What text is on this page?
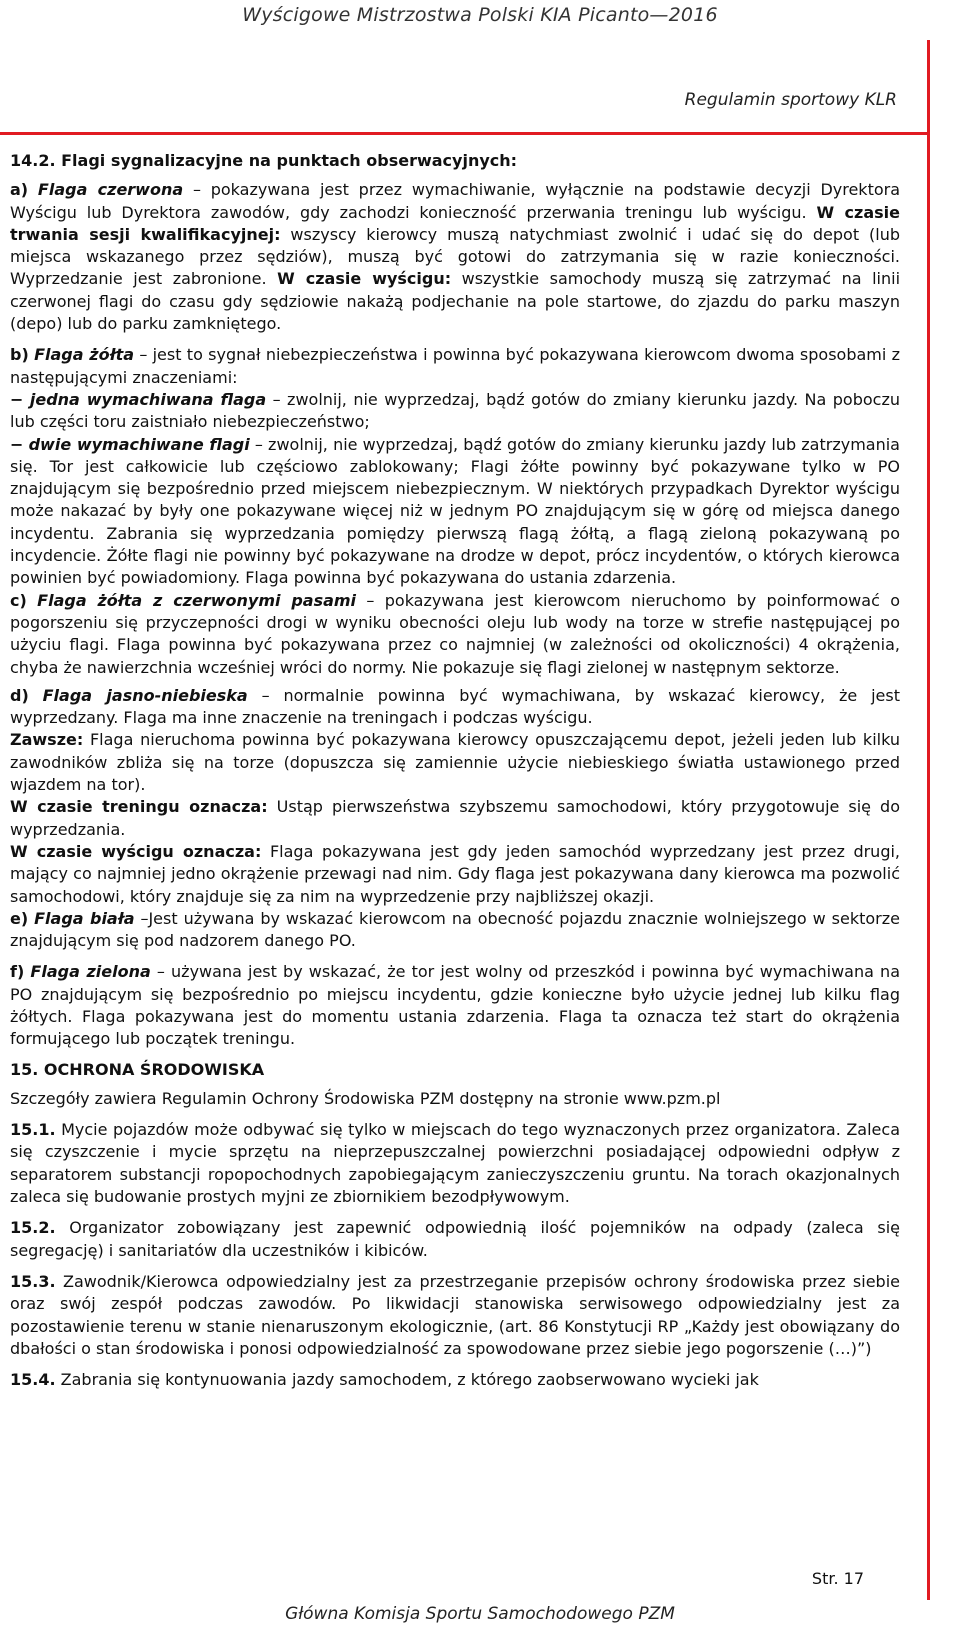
Wyścigowe Mistrzostwa Polski KIA Picanto—2016
Regulamin sportowy KLR
14.2. Flagi sygnalizacyjne na punktach obserwacyjnych:

a) Flaga czerwona – pokazywana jest przez wymachiwanie, wyłącznie na podstawie decyzji Dyrektora Wyścigu lub Dyrektora zawodów, gdy zachodzi konieczność przerwania treningu lub wyścigu. W czasie trwania sesji kwalifikacyjnej: wszyscy kierowcy muszą natychmiast zwolnić i udać się do depot (lub miejsca wskazanego przez sędziów), muszą być gotowi do zatrzymania się w razie konieczności. Wyprzedzanie jest zabronione. W czasie wyścigu: wszystkie samochody muszą się zatrzymać na linii czerwonej flagi do czasu gdy sędziowie nakażą podjechanie na pole startowe, do zjazdu do parku maszyn (depo) lub do parku zamkniętego.

b) Flaga żółta – jest to sygnał niebezpieczeństwa i powinna być pokazywana kierowcom dwoma sposobami z następującymi znaczeniami:

− jedna wymachiwana flaga – zwolnij, nie wyprzedzaj, bądź gotów do zmiany kierunku jazdy. Na poboczu lub części toru zaistniało niebezpieczeństwo;

− dwie wymachiwane flagi – zwolnij, nie wyprzedzaj, bądź gotów do zmiany kierunku jazdy lub zatrzymania się. Tor jest całkowicie lub częściowo zablokowany; Flagi żółte powinny być pokazywane tylko w PO znajdującym się bezpośrednio przed miejscem niebezpiecznym. W niektórych przypadkach Dyrektor wyścigu może nakazać by były one pokazywane więcej niż w jednym PO znajdującym się w górę od miejsca danego incydentu. Zabrania się wyprzedzania pomiędzy pierwszą flagą żółtą, a flagą zieloną pokazywaną po incydencie. Żółte flagi nie powinny być pokazywane na drodze w depot, prócz incydentów, o których kierowca powinien być powiadomiony. Flaga powinna być pokazywana do ustania zdarzenia.

c) Flaga żółta z czerwonymi pasami – pokazywana jest kierowcom nieruchomo by poinformować o pogorszeniu się przyczepności drogi w wyniku obecności oleju lub wody na torze w strefie następującej po użyciu flagi. Flaga powinna być pokazywana przez co najmniej (w zależności od okoliczności) 4 okrążenia, chyba że nawierzchnia wcześniej wróci do normy. Nie pokazuje się flagi zielonej w następnym sektorze.

d) Flaga jasno-niebieska – normalnie powinna być wymachiwana, by wskazać kierowcy, że jest wyprzedzany. Flaga ma inne znaczenie na treningach i podczas wyścigu.

Zawsze: Flaga nieruchoma powinna być pokazywana kierowcy opuszczającemu depot, jeżeli jeden lub kilku zawodników zbliża się na torze (dopuszcza się zamiennie użycie niebieskiego światła ustawionego przed wjazdem na tor).

W czasie treningu oznacza: Ustąp pierwszeństwa szybszemu samochodowi, który przygotowuje się do wyprzedzania.

W czasie wyścigu oznacza: Flaga pokazywana jest gdy jeden samochód wyprzedzany jest przez drugi, mający co najmniej jedno okrążenie przewagi nad nim. Gdy flaga jest pokazywana dany kierowca ma pozwolić samochodowi, który znajduje się za nim na wyprzedzenie przy najbliższej okazji.

e) Flaga biała –Jest używana by wskazać kierowcom na obecność pojazdu znacznie wolniejszego w sektorze znajdującym się pod nadzorem danego PO.

f) Flaga zielona – używana jest by wskazać, że tor jest wolny od przeszkód i powinna być wymachiwana na PO znajdującym się bezpośrednio po miejscu incydentu, gdzie konieczne było użycie jednej lub kilku flag żółtych. Flaga pokazywana jest do momentu ustania zdarzenia. Flaga ta oznacza też start do okrążenia formującego lub początek treningu.

15. OCHRONA ŚRODOWISKA

Szczegóły zawiera Regulamin Ochrony Środowiska PZM dostępny na stronie www.pzm.pl

15.1. Mycie pojazdów może odbywać się tylko w miejscach do tego wyznaczonych przez organizatora. Zaleca się czyszczenie i mycie sprzętu na nieprzepuszczalnej powierzchni posiadającej odpowiedni odpływ z separatorem substancji ropopochodnych zapobiegającym zanieczyszczeniu gruntu. Na torach okazjonalnych zaleca się budowanie prostych myjni ze zbiornikiem bezodpływowym.

15.2. Organizator zobowiązany jest zapewnić odpowiednią ilość pojemników na odpady (zaleca się segregację) i sanitariatów dla uczestników i kibiców.

15.3. Zawodnik/Kierowca odpowiedzialny jest za przestrzeganie przepisów ochrony środowiska przez siebie oraz swój zespół podczas zawodów. Po likwidacji stanowiska serwisowego odpowiedzialny jest za pozostawienie terenu w stanie nienaruszonym ekologicznie, (art. 86 Konstytucji RP „Każdy jest obowiązany do dbałości o stan środowiska i ponosi odpowiedzialność za spowodowane przez siebie jego pogorszenie (…)”)

15.4. Zabrania się kontynuowania jazdy samochodem, z którego zaobserwowano wycieki jak

Str. 17
Główna Komisja Sportu Samochodowego PZM
